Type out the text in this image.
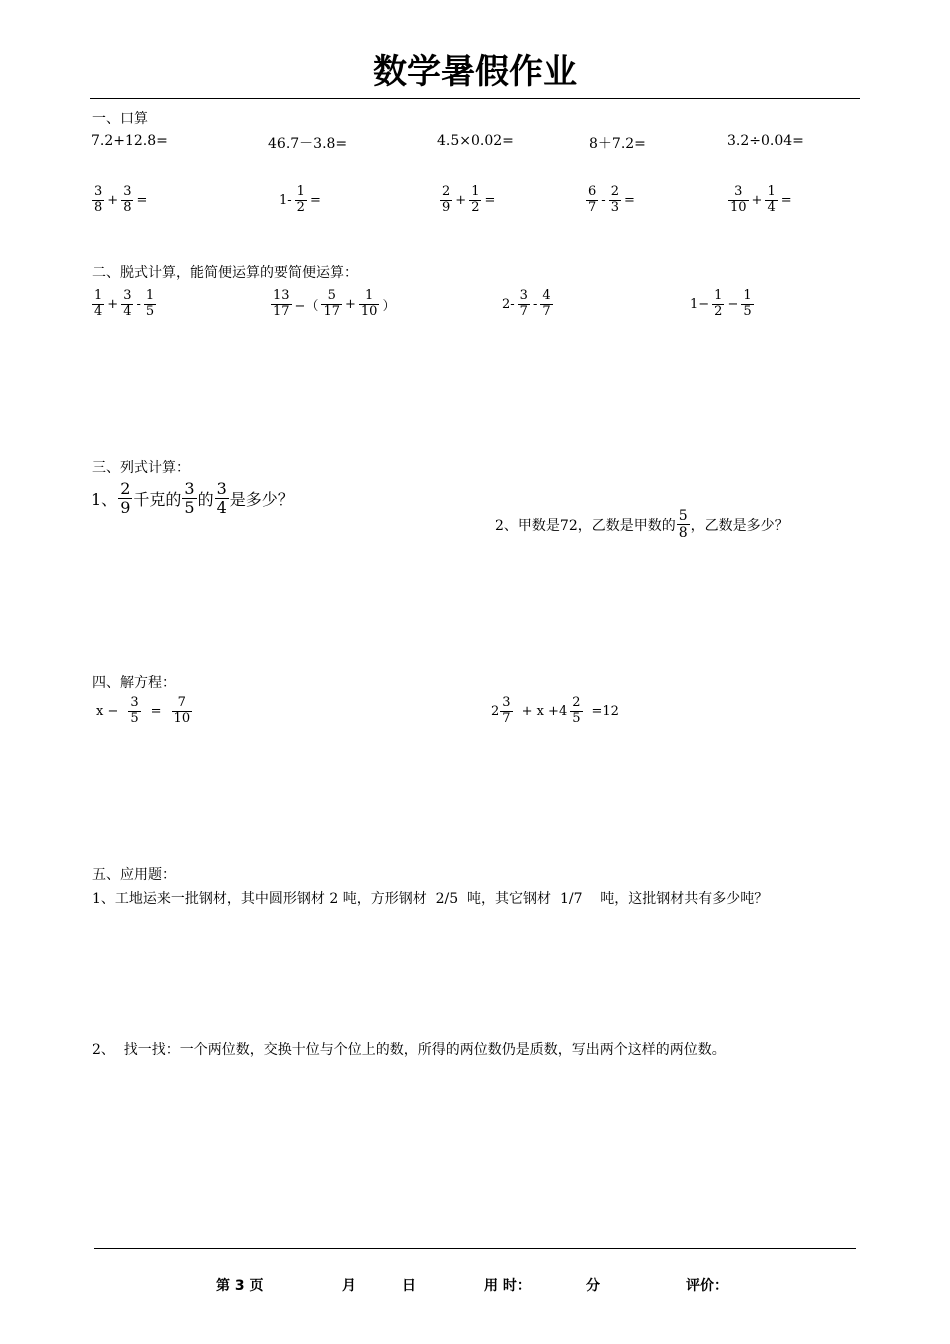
数学暑假作业
一、口算
7.2+12.8=	46.7－3.8=	4.5×0.02=	8＋7.2=	3.2÷0.04=
$\frac{3}{8} + \frac{3}{8}$ =	$1- \frac{1}{2}$ =	$\frac{2}{9} + \frac{1}{2}$ =	$\frac{6}{7} - \frac{2}{3}$ =	$\frac{3}{10} + \frac{1}{4}$ =
二、脱式计算，能简便运算的要简便运算：
$\frac{1}{4} + \frac{3}{4} - \frac{1}{5}$	$\frac{13}{17}$ −（ $\frac{5}{17} + \frac{1}{10}$ ）	$2- \frac{3}{7} - \frac{4}{7}$	$1- \frac{1}{2} - \frac{1}{5}$
三、列式计算：
1、 $\frac{2}{9}$ 千克的 $\frac{3}{5}$ 的 $\frac{3}{4}$ 是多少？
2、甲数是72，乙数是甲数的 $\frac{5}{8}$ ，乙数是多少？
四、解方程：
$x - \frac{3}{5} = \frac{7}{10}$	$2 \frac{3}{7} + x +4 \frac{2}{5} =12$
五、应用题：
1、工地运来一批钢材，其中圆形钢材 2 吨，方形钢材  2/5  吨，其它钢材  1/7    吨，这批钢材共有多少吨？
2、  找一找：一个两位数，交换十位与个位上的数，所得的两位数仍是质数，写出两个这样的两位数。
第 3 页	月	日	用 时：	分	评价：
